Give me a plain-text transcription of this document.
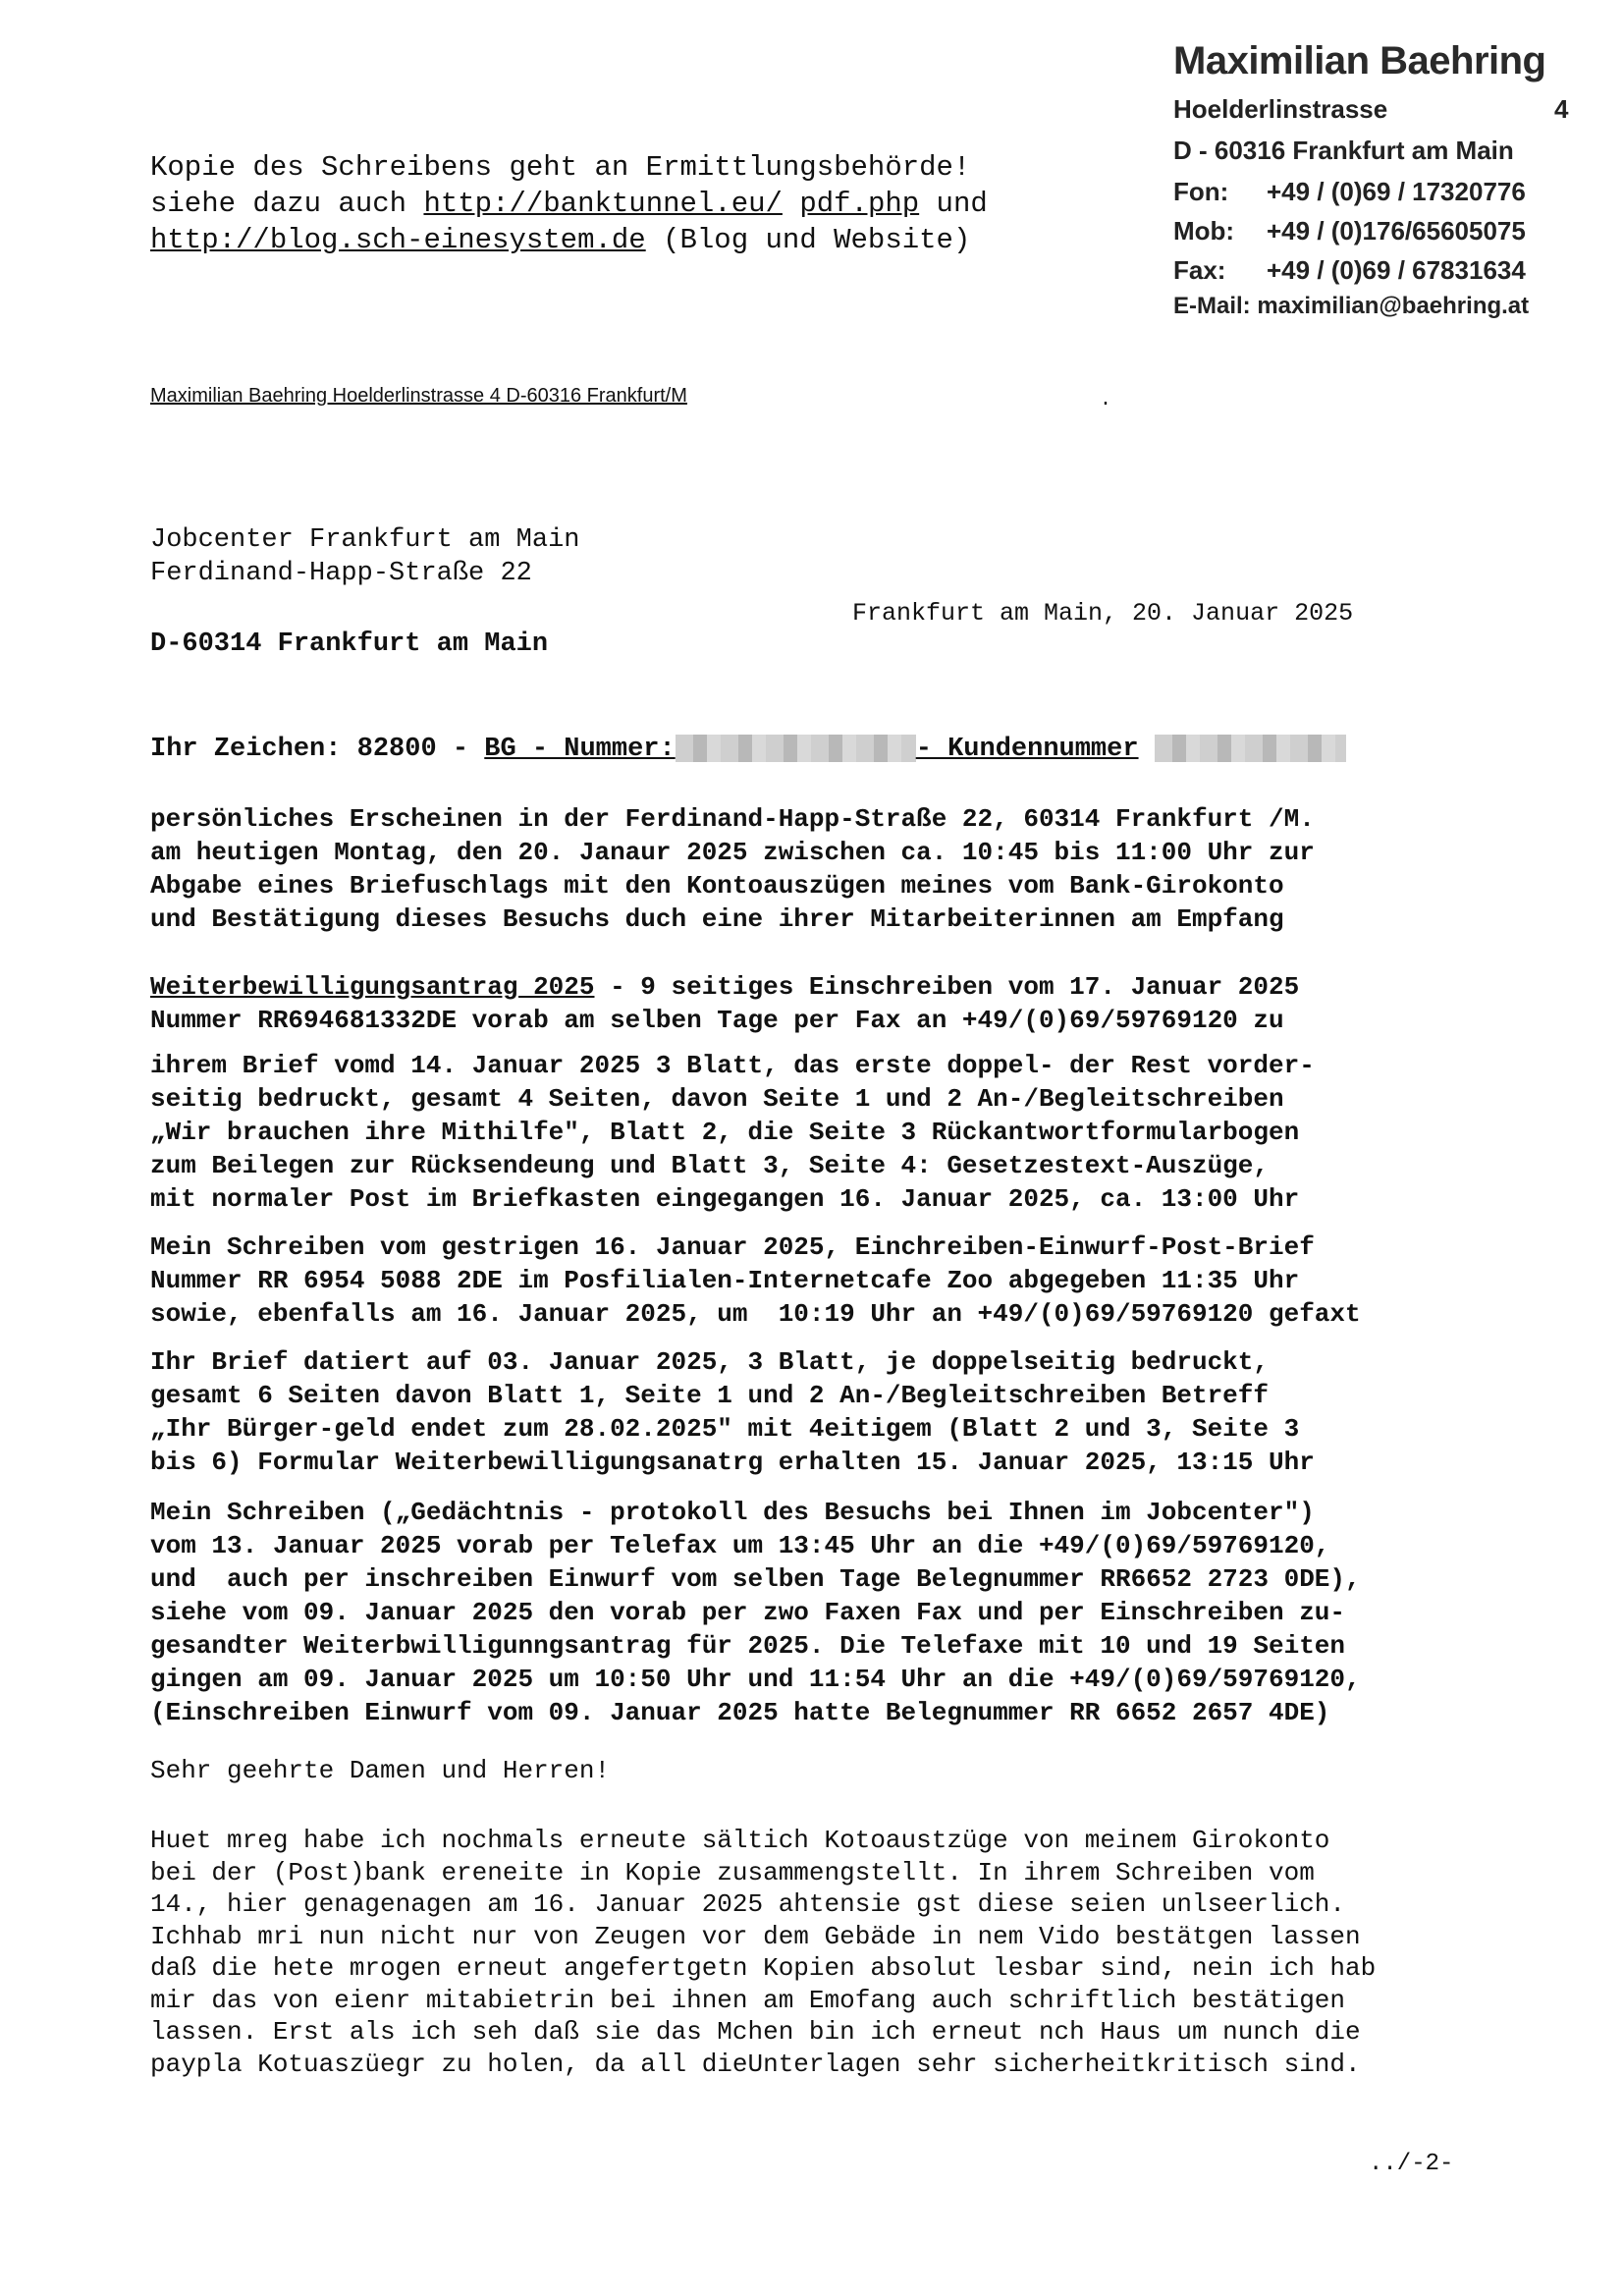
Maximilian Baehring
Hoelderlinstrasse	4
D - 60316 Frankfurt am Main
Fon: +49 / (0)69 / 17320776
Mob: +49 / (0)176/65605075
Fax: +49 / (0)69 / 67831634
E-Mail: maximilian@baehring.at
Kopie des Schreibens geht an Ermittlungsbehörde!
siehe dazu auch http://banktunnel.eu/ pdf.php und
http://blog.sch-einesystem.de (Blog und Website)
Maximilian Baehring Hoelderlinstrasse 4 D-60316 Frankfurt/M	·
Jobcenter Frankfurt am Main
Ferdinand-Happ-Straße 22
Frankfurt am Main, 20. Januar 2025
D-60314 Frankfurt am Main
Ihr Zeichen: 82800 - BG - Nummer:	- Kundennummer
persönliches Erscheinen in der Ferdinand-Happ-Straße 22, 60314 Frankfurt /M.
am heutigen Montag, den 20. Janaur 2025 zwischen ca. 10:45 bis 11:00 Uhr zur
Abgabe eines Briefuschlags mit den Kontoauszügen meines vom Bank-Girokonto
und Bestätigung dieses Besuchs duch eine ihrer Mitarbeiterinnen am Empfang
Weiterbewilligungsantrag 2025 - 9 seitiges Einschreiben vom 17. Januar 2025
Nummer RR694681332DE vorab am selben Tage per Fax an +49/(0)69/59769120 zu
ihrem Brief vomd 14. Januar 2025 3 Blatt, das erste doppel- der Rest vorder-
seitig bedruckt, gesamt 4 Seiten, davon Seite 1 und 2 An-/Begleitschreiben
„Wir brauchen ihre Mithilfe", Blatt 2, die Seite 3 Rückantwortformularbogen
zum Beilegen zur Rücksendeung und Blatt 3, Seite 4: Gesetzestext-Auszüge,
mit normaler Post im Briefkasten eingegangen 16. Januar 2025, ca. 13:00 Uhr
Mein Schreiben vom gestrigen 16. Januar 2025, Einchreiben-Einwurf-Post-Brief
Nummer RR 6954 5088 2DE im Posfilialen-Internetcafe Zoo abgegeben 11:35 Uhr
sowie, ebenfalls am 16. Januar 2025, um  10:19 Uhr an +49/(0)69/59769120 gefaxt
Ihr Brief datiert auf 03. Januar 2025, 3 Blatt, je doppelseitig bedruckt,
gesamt 6 Seiten davon Blatt 1, Seite 1 und 2 An-/Begleitschreiben Betreff
„Ihr Bürger-geld endet zum 28.02.2025" mit 4eitigem (Blatt 2 und 3, Seite 3
bis 6) Formular Weiterbewilligungsanatrg erhalten 15. Januar 2025, 13:15 Uhr
Mein Schreiben („Gedächtnis - protokoll des Besuchs bei Ihnen im Jobcenter")
vom 13. Januar 2025 vorab per Telefax um 13:45 Uhr an die +49/(0)69/59769120,
und  auch per inschreiben Einwurf vom selben Tage Belegnummer RR6652 2723 0DE),
siehe vom 09. Januar 2025 den vorab per zwo Faxen Fax und per Einschreiben zu-
gesandter Weiterbwilligunngsantrag für 2025. Die Telefaxe mit 10 und 19 Seiten
gingen am 09. Januar 2025 um 10:50 Uhr und 11:54 Uhr an die +49/(0)69/59769120,
(Einschreiben Einwurf vom 09. Januar 2025 hatte Belegnummer RR 6652 2657 4DE)
Sehr geehrte Damen und Herren!
Huet mreg habe ich nochmals erneute sältich Kotoaustzüge von meinem Girokonto
bei der (Post)bank ereneite in Kopie zusammengstellt. In ihrem Schreiben vom
14., hier genagenagen am 16. Januar 2025 ahtensie gst diese seien unlseerlich.
Ichhab mri nun nicht nur von Zeugen vor dem Gebäde in nem Vido bestätgen lassen
daß die hete mrogen erneut angefertgetn Kopien absolut lesbar sind, nein ich hab
mir das von eienr mitabietrin bei ihnen am Emofang auch schriftlich bestätigen
lassen. Erst als ich seh daß sie das Mchen bin ich erneut nch Haus um nunch die
paypla Kotuaszüegr zu holen, da all dieUnterlagen sehr sicherheitkritisch sind.
../-2-
